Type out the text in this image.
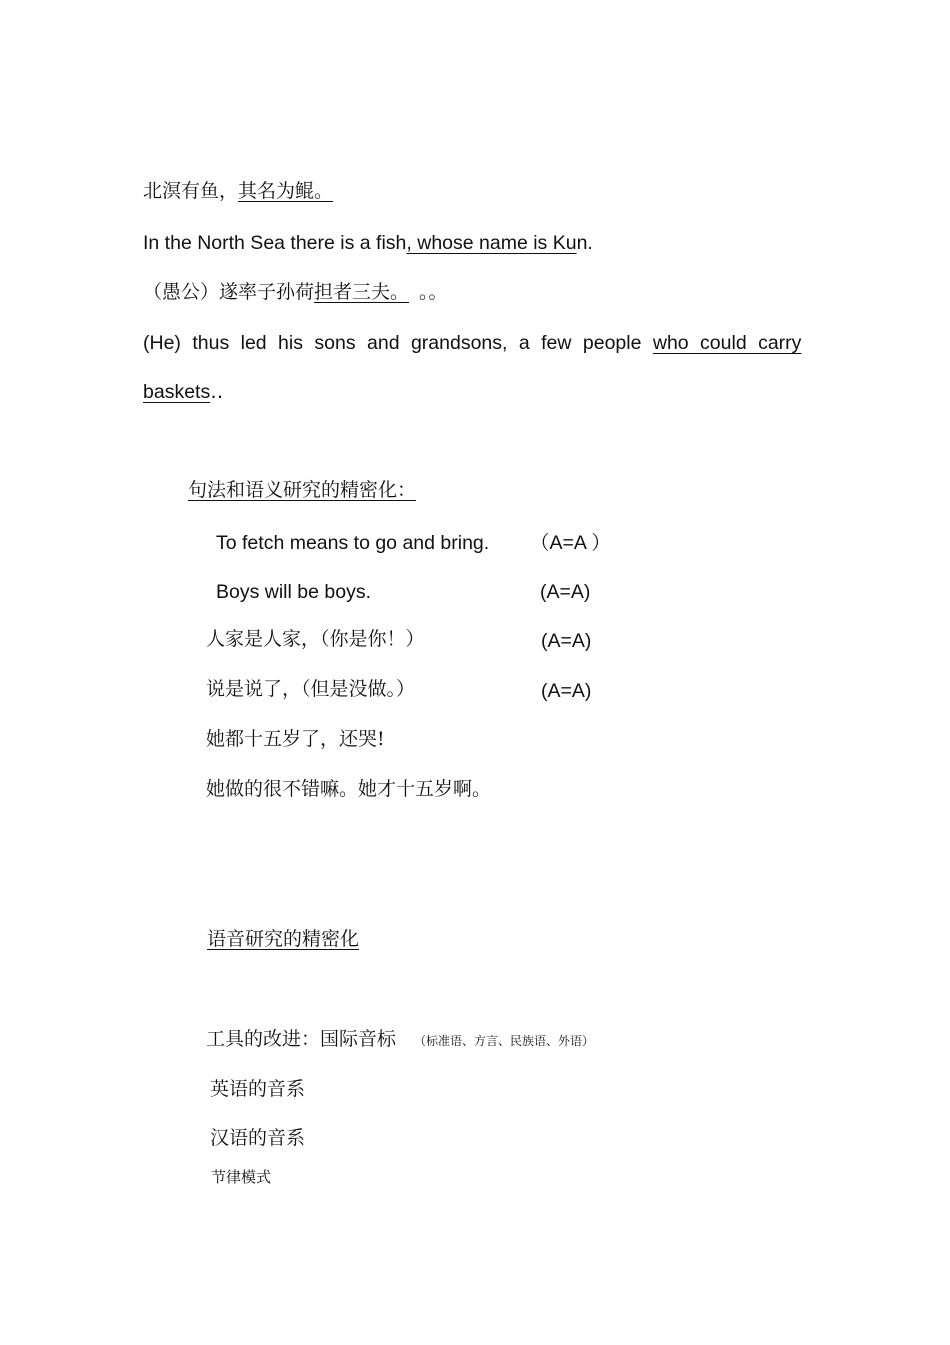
北溟有鱼，其名为鲲。
In the North Sea there is a fish, whose name is Kun.
（愚公）遂率子孙荷担者三夫。 。。
(He) thus led his sons and grandsons, a few people who could carry
baskets‥
句法和语义研究的精密化：
To fetch means to go and bring. （A=A ）
Boys will be boys.	(A=A)
人家是人家，（你是你！）	(A=A)
说是说了，（但是没做。）	(A=A)
她都十五岁了，还哭!
她做的很不错嘛。她才十五岁啊。
语音研究的精密化
工具的改进：国际音标 （标准语、方言、民族语、外语）
英语的音系
汉语的音系
节律模式
